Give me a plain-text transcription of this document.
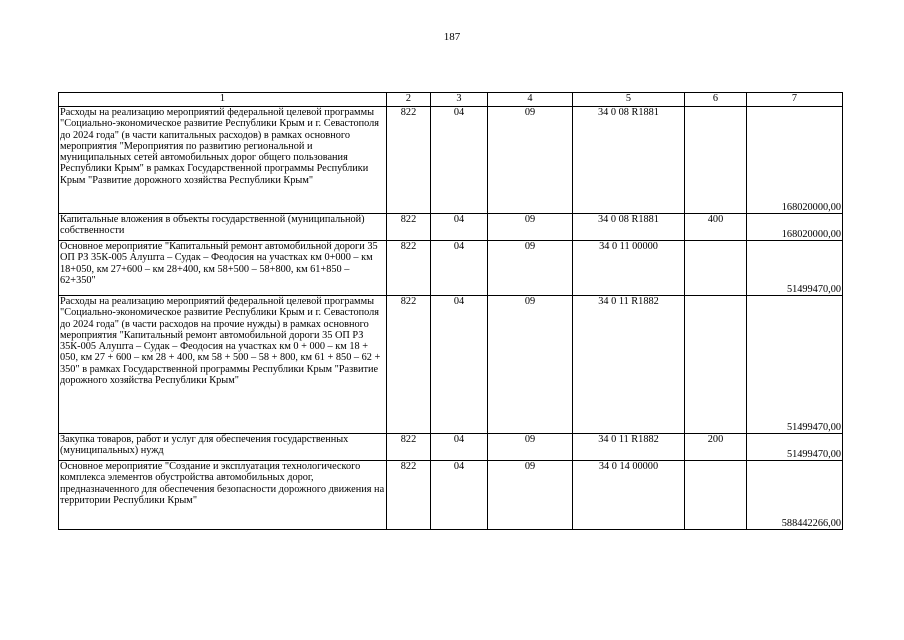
187
1	2	3	4	5	6	7
Расходы на реализацию мероприятий федеральной целевой программы "Социально-экономическое развитие Республики Крым и г. Севастополя до 2024 года" (в части капитальных расходов) в рамках основного мероприятия "Мероприятия по развитию региональной и муниципальных сетей автомобильных дорог общего пользования Республики Крым" в рамках Государственной программы Республики Крым "Развитие дорожного хозяйства Республики Крым"	822	04	09	34 0 08 R1881		168020000,00
Капитальные вложения в объекты государственной (муниципальной) собственности	822	04	09	34 0 08 R1881	400	168020000,00
Основное мероприятие "Капитальный ремонт автомобильной дороги 35 ОП РЗ 35К-005 Алушта – Судак – Феодосия на участках км 0+000 – км 18+050, км 27+600 – км 28+400, км 58+500 – 58+800, км 61+850 – 62+350"	822	04	09	34 0 11 00000		51499470,00
Расходы на реализацию мероприятий федеральной целевой программы "Социально-экономическое развитие Республики Крым и г. Севастополя до 2024 года" (в части расходов на прочие нужды) в рамках основного мероприятия "Капитальный ремонт автомобильной дороги 35 ОП РЗ 35К-005 Алушта – Судак – Феодосия на участках км 0 + 000 – км 18 + 050, км 27 + 600 – км 28 + 400, км 58 + 500 – 58 + 800, км 61 + 850 – 62 + 350" в рамках Государственной программы Республики Крым "Развитие дорожного хозяйства Республики Крым"	822	04	09	34 0 11 R1882		51499470,00
Закупка товаров, работ и услуг для обеспечения государственных (муниципальных) нужд	822	04	09	34 0 11 R1882	200	51499470,00
Основное мероприятие "Создание и эксплуатация технологического комплекса элементов обустройства автомобильных дорог, предназначенного для обеспечения безопасности дорожного движения на территории Республики Крым"	822	04	09	34 0 14 00000		588442266,00
